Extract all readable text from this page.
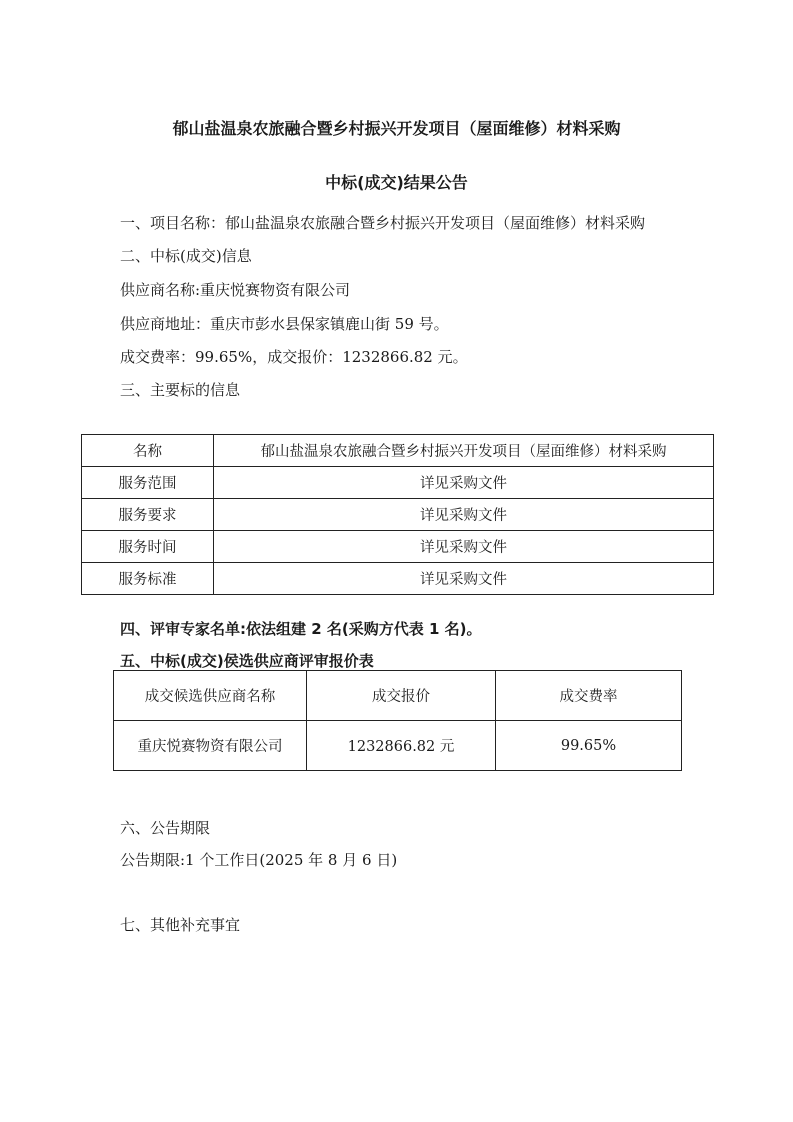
郁山盐温泉农旅融合暨乡村振兴开发项目（屋面维修）材料采购
中标(成交)结果公告
一、项目名称：郁山盐温泉农旅融合暨乡村振兴开发项目（屋面维修）材料采购
二、中标(成交)信息
供应商名称:重庆悦赛物资有限公司
供应商地址：重庆市彭水县保家镇鹿山街 59 号。
成交费率：99.65%，成交报价：1232866.82 元。
三、主要标的信息
名称	郁山盐温泉农旅融合暨乡村振兴开发项目（屋面维修）材料采购
服务范围	详见采购文件
服务要求	详见采购文件
服务时间	详见采购文件
服务标准	详见采购文件
四、评审专家名单:依法组建 2 名(采购方代表 1 名)。
五、中标(成交)侯选供应商评审报价表
成交候选供应商名称	成交报价	成交费率
重庆悦赛物资有限公司	1232866.82 元	99.65%
六、公告期限
公告期限:1 个工作日(2025 年 8 月 6 日)
七、其他补充事宜
